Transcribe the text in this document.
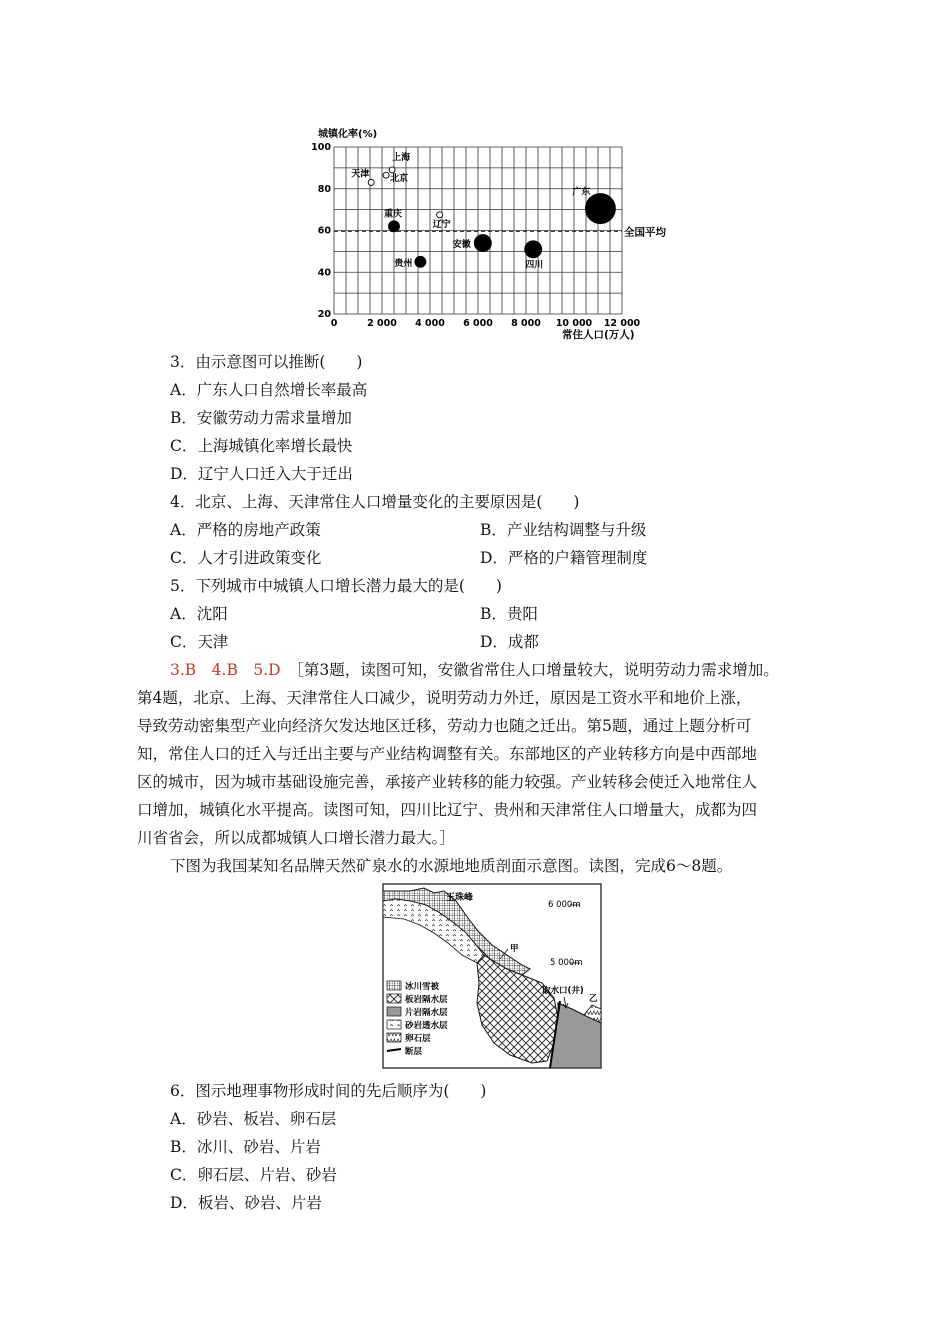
城镇化率(%)
0	2 000 4 000 6 000 8 000 10 000 12 000
20
40
60
80
100
全国平均
天津
上海
北京
重庆
辽宁
安徽
贵州	四川
广东
常住人口(万人)
3．由示意图可以推断(　　)
A．广东人口自然增长率最高
B．安徽劳动力需求量增加
C．上海城镇化率增长最快
D．辽宁人口迁入大于迁出
4．北京、上海、天津常住人口增量变化的主要原因是(　　)
A．严格的房地产政策	B．产业结构调整与升级
C．人才引进政策变化	D．严格的户籍管理制度
5．下列城市中城镇人口增长潜力最大的是(　　)
A．沈阳	B．贵阳
C．天津	D．成都
3.B　4.B　5.D　 ［第3题，读图可知，安徽省常住人口增量较大，说明劳动力需求增加。
第4题，北京、上海、天津常住人口减少，说明劳动力外迁，原因是工资水平和地价上涨，
导致劳动密集型产业向经济欠发达地区迁移，劳动力也随之迁出。第5题，通过上题分析可
知，常住人口的迁入与迁出主要与产业结构调整有关。东部地区的产业转移方向是中西部地
区的城市，因为城市基础设施完善，承接产业转移的能力较强。产业转移会使迁入地常住人
口增加，城镇化水平提高。读图可知，四川比辽宁、贵州和天津常住人口增量大，成都为四
川省省会，所以成都城镇人口增长潜力最大。］
下图为我国某知名品牌天然矿泉水的水源地地质剖面示意图。读图，完成6～8题。
玉珠峰
6 000m
5 000m
甲
取水口(井)
乙
冰川雪被
板岩隔水层
片岩隔水层
砂岩透水层
卵石层
断层
6．图示地理事物形成时间的先后顺序为(　　)
A．砂岩、板岩、卵石层
B．冰川、砂岩、片岩
C．卵石层、片岩、砂岩
D．板岩、砂岩、片岩
